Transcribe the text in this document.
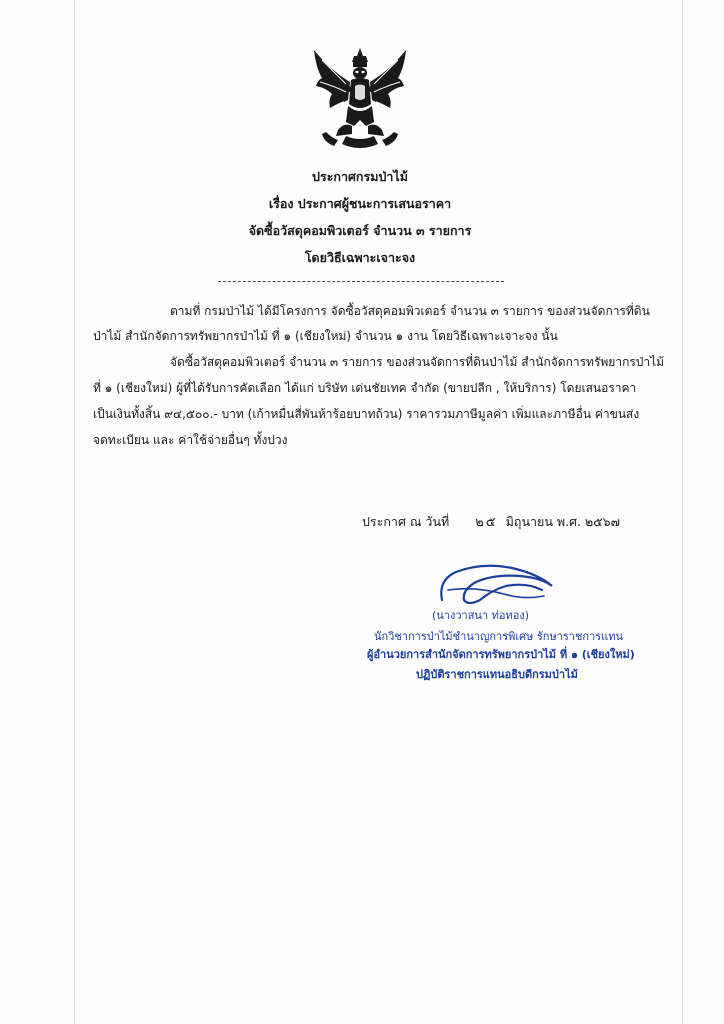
ประกาศกรมป่าไม้
เรื่อง ประกาศผู้ชนะการเสนอราคา
จัดซื้อวัสดุคอมพิวเตอร์ จำนวน ๓ รายการ
โดยวิธีเฉพาะเจาะจง
ตามที่ กรมป่าไม้ ได้มีโครงการ จัดซื้อวัสดุคอมพิวเตอร์ จำนวน ๓ รายการ ของส่วนจัดการที่ดิน
ป่าไม้ สำนักจัดการทรัพยากรป่าไม้ ที่ ๑ (เชียงใหม่) จำนวน ๑ งาน โดยวิธีเฉพาะเจาะจง นั้น
จัดซื้อวัสดุคอมพิวเตอร์ จำนวน ๓ รายการ ของส่วนจัดการที่ดินป่าไม้ สำนักจัดการทรัพยากรป่าไม้
ที่ ๑ (เชียงใหม่) ผู้ที่ได้รับการคัดเลือก ได้แก่ บริษัท เด่นชัยเทค จำกัด (ขายปลีก , ให้บริการ) โดยเสนอราคา
เป็นเงินทั้งสิ้น ๙๔,๕๐๐.- บาท (เก้าหมื่นสี่พันห้าร้อยบาทถ้วน) ราคารวมภาษีมูลค่า เพิ่มและภาษีอื่น ค่าขนส่ง
จดทะเบียน และ ค่าใช้จ่ายอื่นๆ ทั้งปวง
ประกาศ ณ วันที่ ๒๕ มิถุนายน พ.ศ. ๒๕๖๗
(นางวาสนา ท่อทอง)
นักวิชาการป่าไม้ชำนาญการพิเศษ รักษาราชการแทน
ผู้อำนวยการสำนักจัดการทรัพยากรป่าไม้ ที่ ๑ (เชียงใหม่)
ปฏิบัติราชการแทนอธิบดีกรมป่าไม้
